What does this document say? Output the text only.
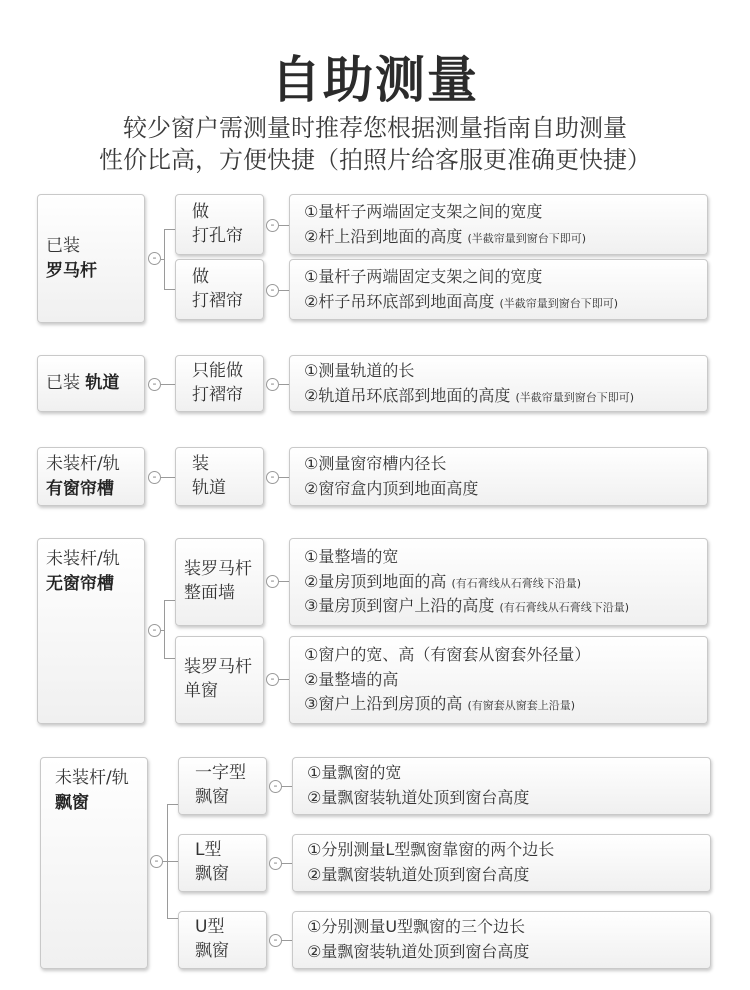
自助测量
较少窗户需测量时推荐您根据测量指南自助测量
性价比高，方便快捷（拍照片给客服更准确更快捷）
已装
罗马杆
-
做
打孔帘
-
①量杆子两端固定支架之间的宽度
②杆上沿到地面的高度 (半截帘量到窗台下即可)
做
打褶帘
-
①量杆子两端固定支架之间的宽度
②杆子吊环底部到地面高度 (半截帘量到窗台下即可)
已装
轨道	-
只能做
打褶帘
-
①测量轨道的长
②轨道吊环底部到地面的高度 (半截帘量到窗台下即可)
未装杆/轨
有窗帘槽
-
装
轨道
-
①测量窗帘槽内径长
②窗帘盒内顶到地面高度
未装杆/轨
无窗帘槽
-
装罗马杆
整面墙
-
①量整墙的宽
②量房顶到地面的高 (有石膏线从石膏线下沿量)
③量房顶到窗户上沿的高度 (有石膏线从石膏线下沿量)
装罗马杆
单窗
-
①窗户的宽、高（有窗套从窗套外径量）
②量整墙的高
③窗户上沿到房顶的高 (有窗套从窗套上沿量)
未装杆/轨
飘窗
-
一字型
飘窗
-
①量飘窗的宽
②量飘窗装轨道处顶到窗台高度
L型
飘窗
-
①分别测量L型飘窗靠窗的两个边长
②量飘窗装轨道处顶到窗台高度
U型
飘窗
-
①分别测量U型飘窗的三个边长
②量飘窗装轨道处顶到窗台高度
